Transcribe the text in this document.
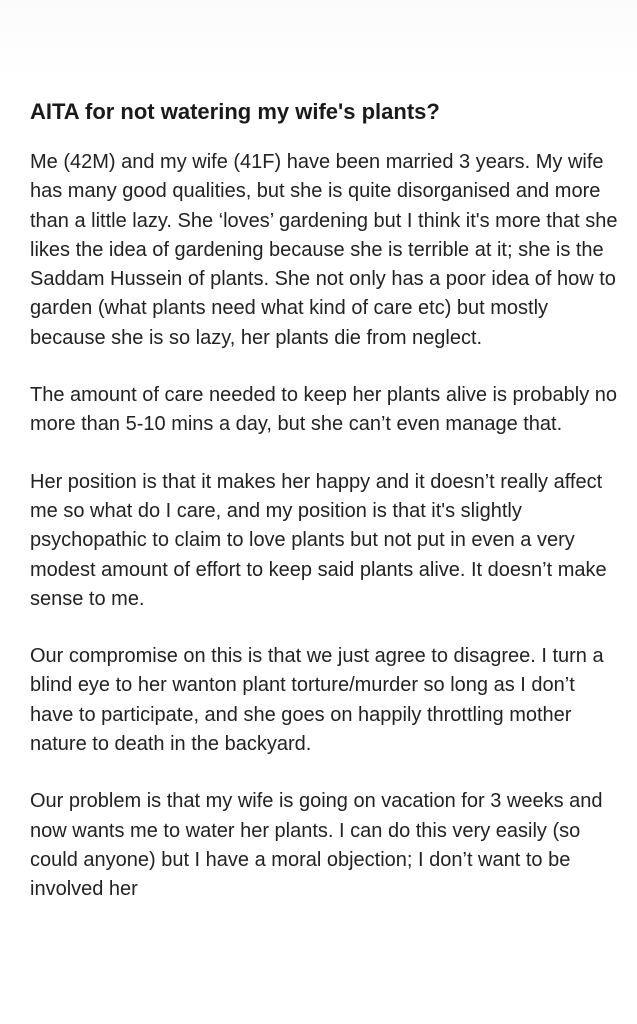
AITA for not watering my wife's plants?

Me (42M) and my wife (41F) have been married 3 years. My wife has many good qualities, but she is quite disorganised and more than a little lazy. She ‘loves’ gardening but I think it's more that she likes the idea of gardening because she is terrible at it; she is the Saddam Hussein of plants. She not only has a poor idea of how to garden (what plants need what kind of care etc) but mostly because she is so lazy, her plants die from neglect.

The amount of care needed to keep her plants alive is probably no more than 5-10 mins a day, but she can’t even manage that.

Her position is that it makes her happy and it doesn’t really affect me so what do I care, and my position is that it's slightly psychopathic to claim to love plants but not put in even a very modest amount of effort to keep said plants alive. It doesn’t make sense to me.

Our compromise on this is that we just agree to disagree. I turn a blind eye to her wanton plant torture/murder so long as I don’t have to participate, and she goes on happily throttling mother nature to death in the backyard.

Our problem is that my wife is going on vacation for 3 weeks and now wants me to water her plants. I can do this very easily (so could anyone) but I have a moral objection; I don’t want to be involved her
